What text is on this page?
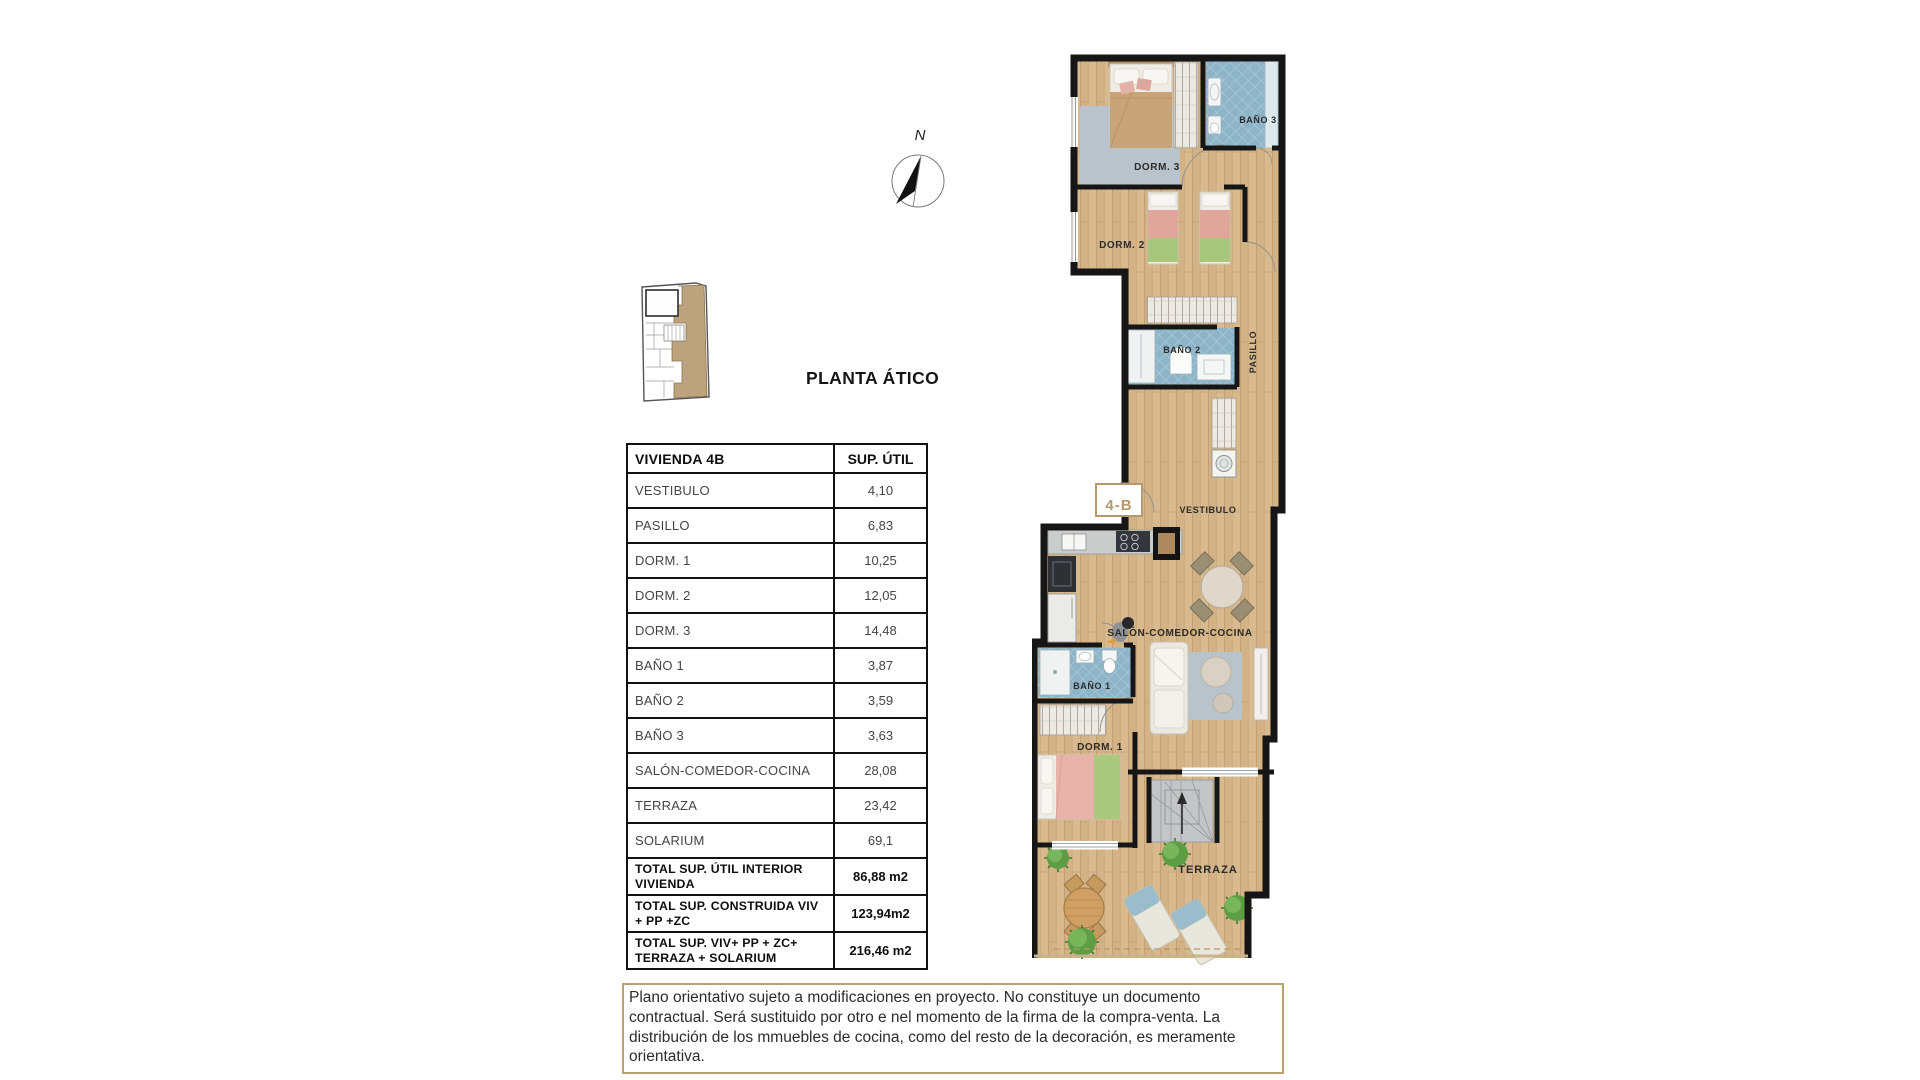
N
PLANTA ÁTICO
VIVIENDA 4B	SUP. ÚTIL
VESTIBULO	4,10
PASILLO	6,83
DORM. 1	10,25
DORM. 2	12,05
DORM. 3	14,48
BAÑO 1	3,87
BAÑO 2	3,59
BAÑO 3	3,63
SALÓN-COMEDOR-COCINA	28,08
TERRAZA	23,42
SOLARIUM	69,1
TOTAL SUP. ÚTIL INTERIOR VIVIENDA	86,88 m2
TOTAL SUP. CONSTRUIDA VIV + PP +ZC	123,94m2
TOTAL SUP. VIV+ PP + ZC+ TERRAZA + SOLARIUM	216,46 m2
4-B
DORM. 3
BAÑO 3
DORM. 2
BAÑO 2	PASILLO
VESTIBULO
SALÓN-COMEDOR-COCINA
BAÑO 1
DORM. 1
TERRAZA
Plano orientativo sujeto a modificaciones en proyecto. No constituye un documento contractual. Será sustituido por otro e nel momento de la firma de la compra-venta. La distribución de los mmuebles de cocina, como del resto de la decoración, es meramente orientativa.
